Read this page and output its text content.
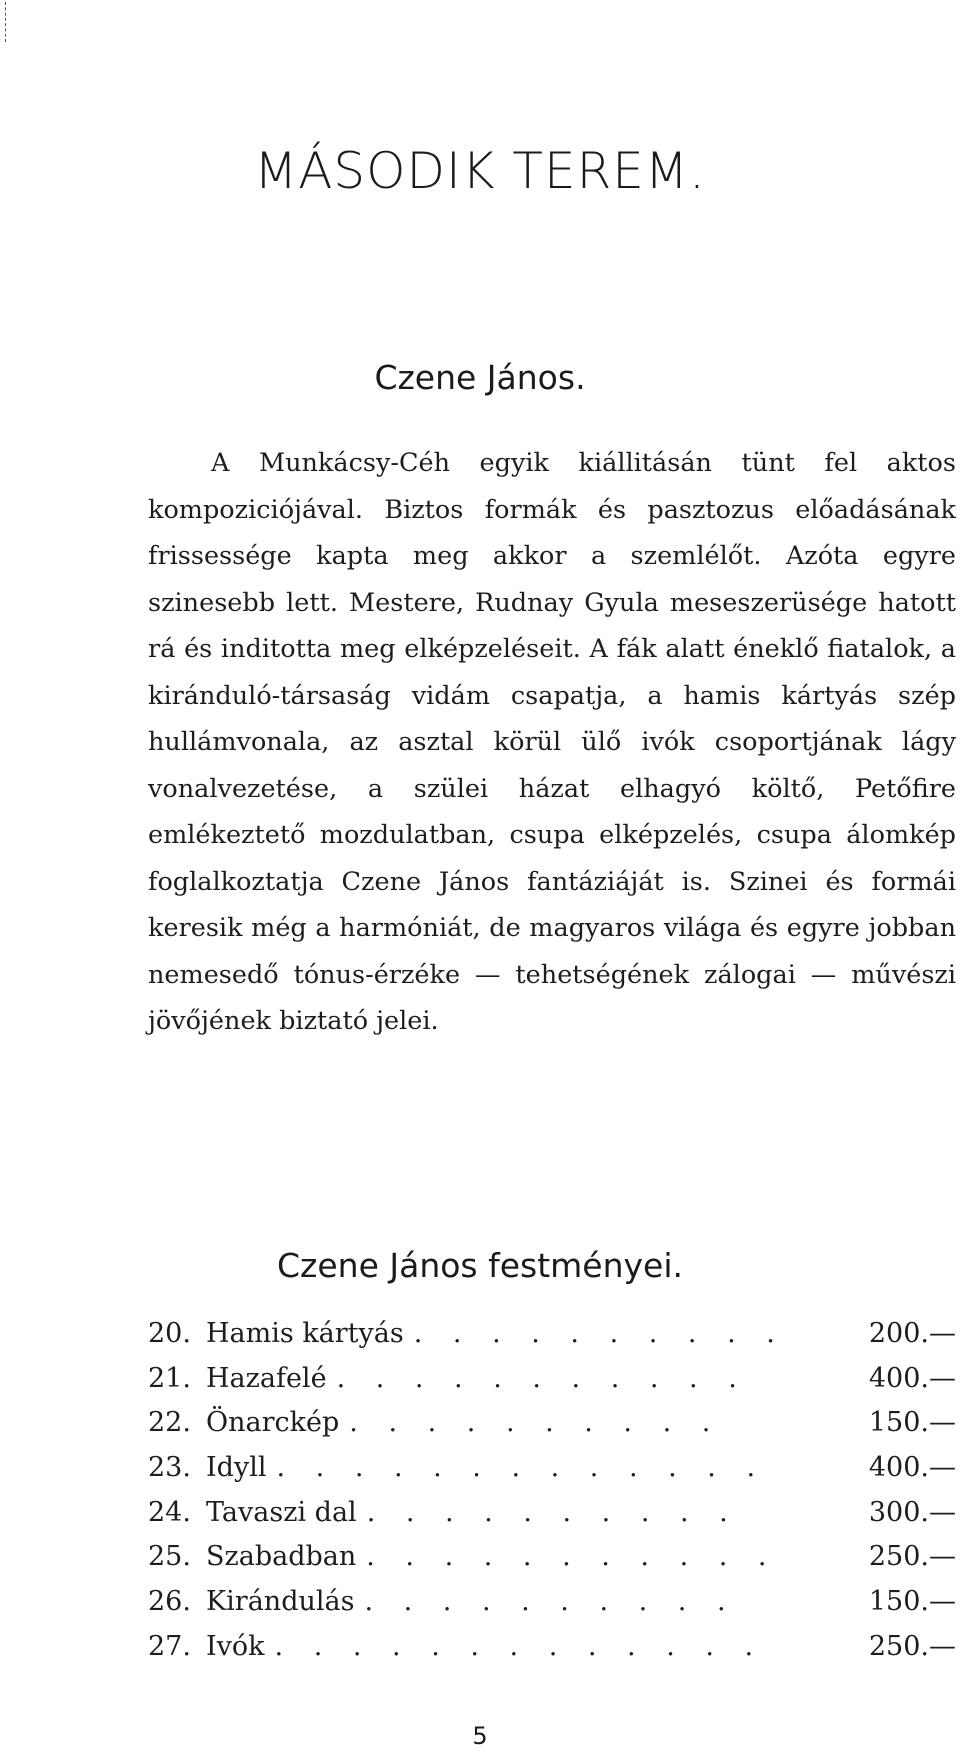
MÁSODIK TEREM.
Czene János.

A Munkácsy-Céh egyik kiállitásán tünt fel aktos kompoziciójával. Biztos formák és pasztozus előadásának frissessége kapta meg akkor a szemlélőt. Azóta egyre szinesebb lett. Mestere, Rudnay Gyula meseszerüsége hatott rá és inditotta meg elképzeléseit. A fák alatt éneklő fiatalok, a kiránduló-társaság vidám csapatja, a hamis kártyás szép hullámvonala, az asztal körül ülő ivók csoportjának lágy vonalvezetése, a szülei házat elhagyó költő, Petőfire emlékeztető mozdulatban, csupa elképzelés, csupa álomkép foglalkoztatja Czene János fantáziáját is. Szinei és formái keresik még a harmóniát, de magyaros világa és egyre jobban nemesedő tónus-érzéke — tehetségének zálogai — művészi jövőjének biztató jelei.

Czene János festményei.
20. Hamis kártyás . . . . . . . . . .	200.—
21. Hazafelé . . . . . . . . . . .	400.—
22. Önarckép . . . . . . . . . .	150.—
23. Idyll . . . . . . . . . . . . .	400.—
24. Tavaszi dal . . . . . . . . . .	300.—
25. Szabadban . . . . . . . . . . .	250.—
26. Kirándulás . . . . . . . . . .	150.—
27. Ivók . . . . . . . . . . . . .	250.—
5
